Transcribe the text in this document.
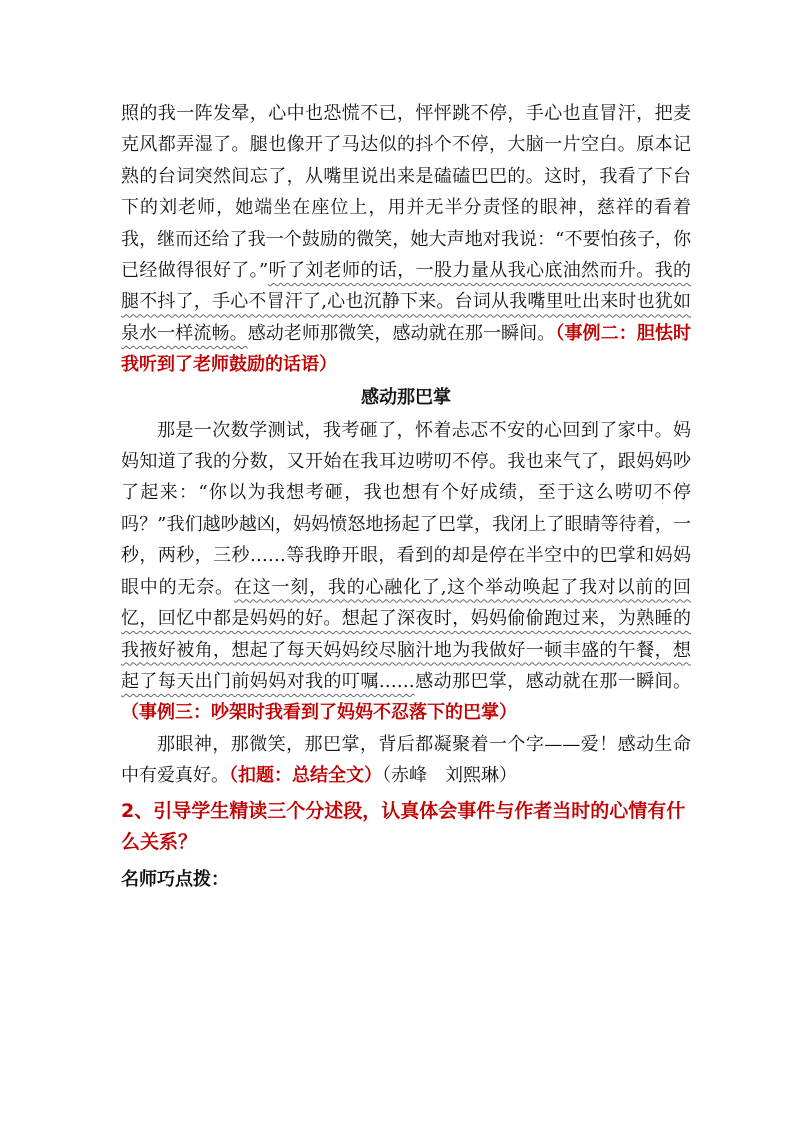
照的我一阵发晕，心中也恐慌不已，怦怦跳不停，手心也直冒汗，把麦克风都弄湿了。腿也像开了马达似的抖个不停，大脑一片空白。原本记熟的台词突然间忘了，从嘴里说出来是磕磕巴巴的。这时，我看了下台下的刘老师，她端坐在座位上，用并无半分责怪的眼神，慈祥的看着我，继而还给了我一个鼓励的微笑，她大声地对我说：“不要怕孩子，你已经做得很好了。”听了刘老师的话，一股力量从我心底油然而升。我的腿不抖了，手心不冒汗了,心也沉静下来。台词从我嘴里吐出来时也犹如泉水一样流畅。感动老师那微笑，感动就在那一瞬间。（事例二：胆怯时我听到了老师鼓励的话语）

感动那巴掌

那是一次数学测试，我考砸了，怀着忐忑不安的心回到了家中。妈妈知道了我的分数，又开始在我耳边唠叨不停。我也来气了，跟妈妈吵了起来：“你以为我想考砸，我也想有个好成绩，至于这么唠叨不停吗？”我们越吵越凶，妈妈愤怒地扬起了巴掌，我闭上了眼睛等待着，一秒，两秒，三秒……等我睁开眼，看到的却是停在半空中的巴掌和妈妈眼中的无奈。在这一刻，我的心融化了,这个举动唤起了我对以前的回忆，回忆中都是妈妈的好。想起了深夜时，妈妈偷偷跑过来，为熟睡的我掖好被角，想起了每天妈妈绞尽脑汁地为我做好一顿丰盛的午餐，想起了每天出门前妈妈对我的叮嘱……感动那巴掌，感动就在那一瞬间。（事例三：吵架时我看到了妈妈不忍落下的巴掌）

那眼神，那微笑，那巴掌，背后都凝聚着一个字——爱！感动生命中有爱真好。（扣题：总结全文）（赤峰　刘熙琳）

2、引导学生精读三个分述段，认真体会事件与作者当时的心情有什么关系？

名师巧点拨：
